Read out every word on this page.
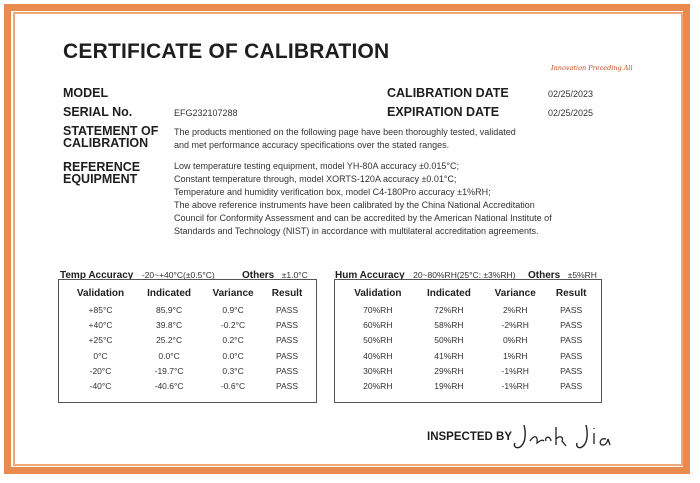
CERTIFICATE OF CALIBRATION
Innovation Preceding All
MODEL
SERIAL No.	EFG232107288
STATEMENT OF CALIBRATION
The products mentioned on the following page have been thoroughly tested, validated and met performance accuracy specifications over the stated ranges.
REFERENCE EQUIPMENT
Low temperature testing equipment, model YH-80A accuracy ±0.015°C;
Constant temperature through, model XORTS-120A accuracy ±0.01°C;
Temperature and humidity verification box, model C4-180Pro accuracy ±1%RH;
The above reference instruments have been calibrated by the China National Accreditation
Council for Conformity Assessment and can be accredited by the American National Institute of
Standards and Technology (NIST) in accordance with multilateral accreditation agreements.
CALIBRATION DATE	02/25/2023
EXPIRATION DATE	02/25/2025
Temp Accuracy -20~+40°C(±0.5°C)	Others ±1.0°C	Hum Accuracy 20~80%RH(25°C: ±3%RH) Others ±5%RH
Validation	Indicated	Variance	Result
+85°C	85.9°C	0.9°C	PASS
+40°C	39.8°C	-0.2°C	PASS
+25°C	25.2°C	0.2°C	PASS
0°C	0.0°C	0.0°C	PASS
-20°C	-19.7°C	0.3°C	PASS
-40°C	-40.6°C	-0.6°C	PASS
Validation	Indicated	Variance	Result
70%RH	72%RH	2%RH	PASS
60%RH	58%RH	-2%RH	PASS
50%RH	50%RH	0%RH	PASS
40%RH	41%RH	1%RH	PASS
30%RH	29%RH	-1%RH	PASS
20%RH	19%RH	-1%RH	PASS
INSPECTED BY
